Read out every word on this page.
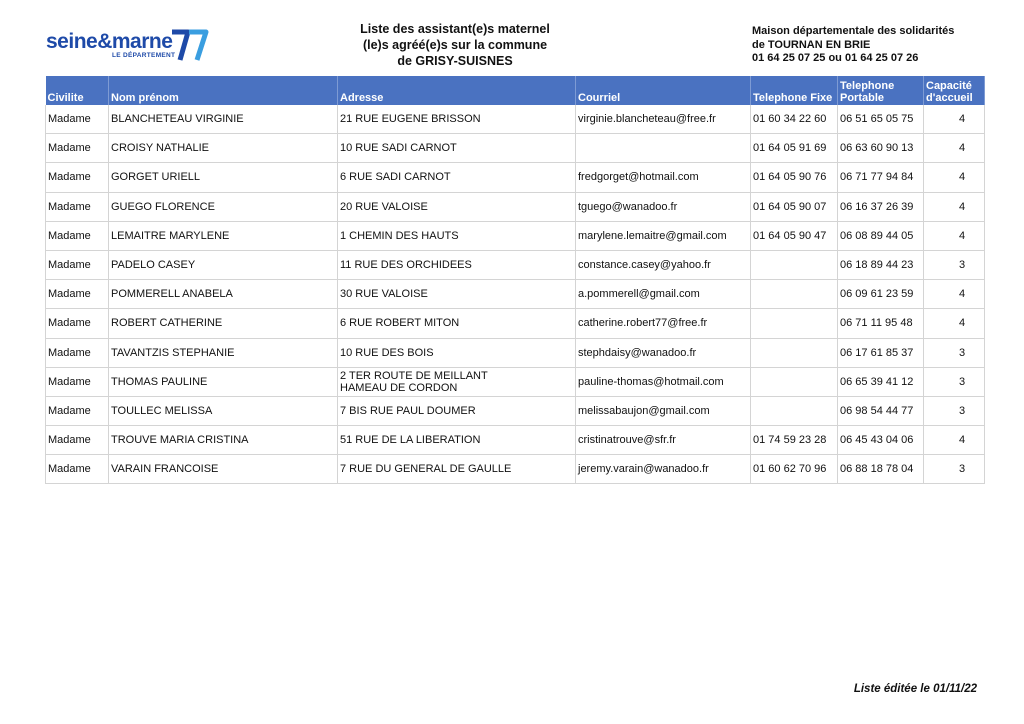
seine&marne
LE DÉPARTEMENT
Liste des assistant(e)s maternel
(le)s agréé(e)s sur la commune
de GRISY-SUISNES
Maison départementale des solidarités
de TOURNAN EN BRIE
01 64 25 07 25 ou 01 64 25 07 26
Civilite	Nom prénom	Adresse	Courriel	Telephone Fixe	Telephone Portable	Capacité d'accueil
Madame	BLANCHETEAU VIRGINIE	21 RUE EUGENE BRISSON	virginie.blancheteau@free.fr	01 60 34 22 60	06 51 65 05 75	4
Madame	CROISY NATHALIE	10 RUE SADI CARNOT		01 64 05 91 69	06 63 60 90 13	4
Madame	GORGET URIELL	6 RUE SADI CARNOT	fredgorget@hotmail.com	01 64 05 90 76	06 71 77 94 84	4
Madame	GUEGO FLORENCE	20 RUE VALOISE	tguego@wanadoo.fr	01 64 05 90 07	06 16 37 26 39	4
Madame	LEMAITRE MARYLENE	1 CHEMIN DES HAUTS	marylene.lemaitre@gmail.com	01 64 05 90 47	06 08 89 44 05	4
Madame	PADELO CASEY	11 RUE DES ORCHIDEES	constance.casey@yahoo.fr		06 18 89 44 23	3
Madame	POMMERELL ANABELA	30 RUE VALOISE	a.pommerell@gmail.com		06 09 61 23 59	4
Madame	ROBERT CATHERINE	6 RUE ROBERT MITON	catherine.robert77@free.fr		06 71 11 95 48	4
Madame	TAVANTZIS STEPHANIE	10 RUE DES BOIS	stephdaisy@wanadoo.fr		06 17 61 85 37	3
Madame	THOMAS PAULINE	2 TER ROUTE DE MEILLANT
HAMEAU DE CORDON	pauline-thomas@hotmail.com		06 65 39 41 12	3
Madame	TOULLEC MELISSA	7 BIS RUE PAUL DOUMER	melissabaujon@gmail.com		06 98 54 44 77	3
Madame	TROUVE MARIA CRISTINA	51 RUE DE LA LIBERATION	cristinatrouve@sfr.fr	01 74 59 23 28	06 45 43 04 06	4
Madame	VARAIN FRANCOISE	7 RUE DU GENERAL DE GAULLE	jeremy.varain@wanadoo.fr	01 60 62 70 96	06 88 18 78 04	3
Liste éditée le 01/11/22
